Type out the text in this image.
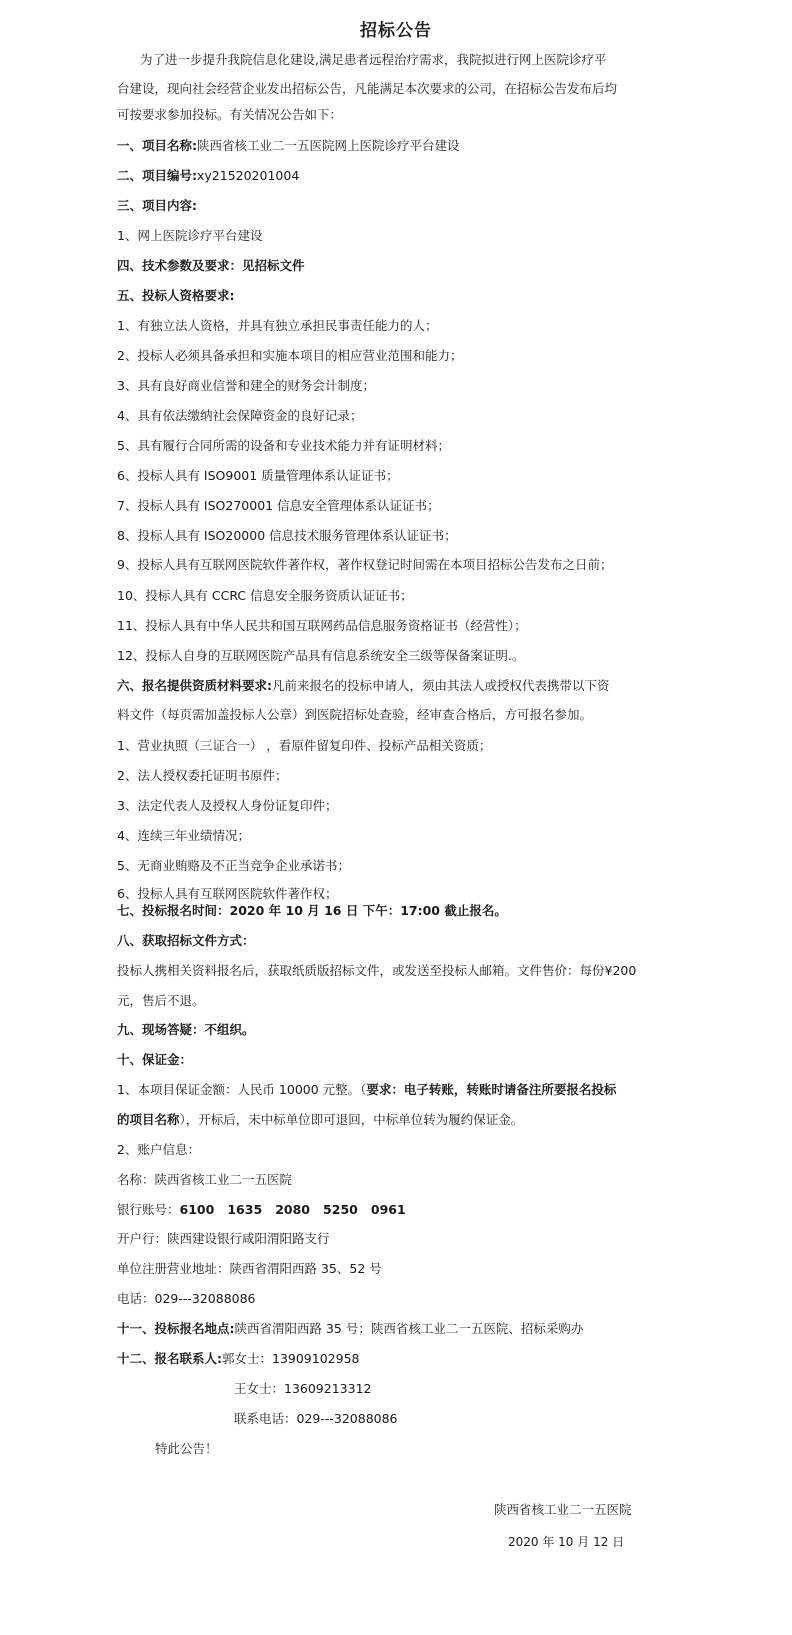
招标公告
为了进一步提升我院信息化建设,满足患者远程治疗需求，我院拟进行网上医院诊疗平
台建设，现向社会经营企业发出招标公告，凡能满足本次要求的公司，在招标公告发布后均
可按要求参加投标。有关情况公告如下：
一、项目名称:陕西省核工业二一五医院网上医院诊疗平台建设
二、项目编号:xy21520201004
三、项目内容:
1、网上医院诊疗平台建设
四、技术参数及要求：见招标文件
五、投标人资格要求:
1、有独立法人资格，并具有独立承担民事责任能力的人；
2、投标人必须具备承担和实施本项目的相应营业范围和能力；
3、具有良好商业信誉和建全的财务会计制度；
4、具有依法缴纳社会保障资金的良好记录；
5、具有履行合同所需的设备和专业技术能力并有证明材料；
6、投标人具有 ISO9001 质量管理体系认证证书；
7、投标人具有 ISO270001 信息安全管理体系认证证书；
8、投标人具有 ISO20000 信息技术服务管理体系认证证书；
9、投标人具有互联网医院软件著作权，著作权登记时间需在本项目招标公告发布之日前；
10、投标人具有 CCRC 信息安全服务资质认证证书；
11、投标人具有中华人民共和国互联网药品信息服务资格证书（经营性）；
12、投标人自身的互联网医院产品具有信息系统安全三级等保备案证明.。
六、报名提供资质材料要求:凡前来报名的投标申请人，须由其法人或授权代表携带以下资
料文件（每页需加盖投标人公章）到医院招标处查验，经审查合格后，方可报名参加。
1、营业执照（三证合一） ，看原件留复印件、投标产品相关资质；
2、法人授权委托证明书原件；
3、法定代表人及授权人身份证复印件；
4、连续三年业绩情况；
5、无商业贿赂及不正当竞争企业承诺书；
6、投标人具有互联网医院软件著作权；
七、投标报名时间：2020 年 10 月 16 日 下午：17:00 截止报名。
八、获取招标文件方式：
投标人携相关资料报名后，获取纸质版招标文件，或发送至投标人邮箱。文件售价：每份¥200
元，售后不退。
九、现场答疑：不组织。
十、保证金：
1、本项目保证金额：人民币 10000 元整。（要求：电子转账，转账时请备注所要报名投标
的项目名称），开标后，未中标单位即可退回，中标单位转为履约保证金。
2、账户信息：
名称：陕西省核工业二一五医院
银行账号：6100   1635   2080   5250   0961
开户行：陕西建设银行咸阳渭阳路支行
单位注册营业地址：陕西省渭阳西路 35、52 号
电话：029---32088086
十一、投标报名地点:陕西省渭阳西路 35 号；陕西省核工业二一五医院、招标采购办
十二、报名联系人:郭女士：13909102958
王女士：13609213312
联系电话：029---32088086
特此公告！
陕西省核工业二一五医院
2020 年 10 月 12 日
